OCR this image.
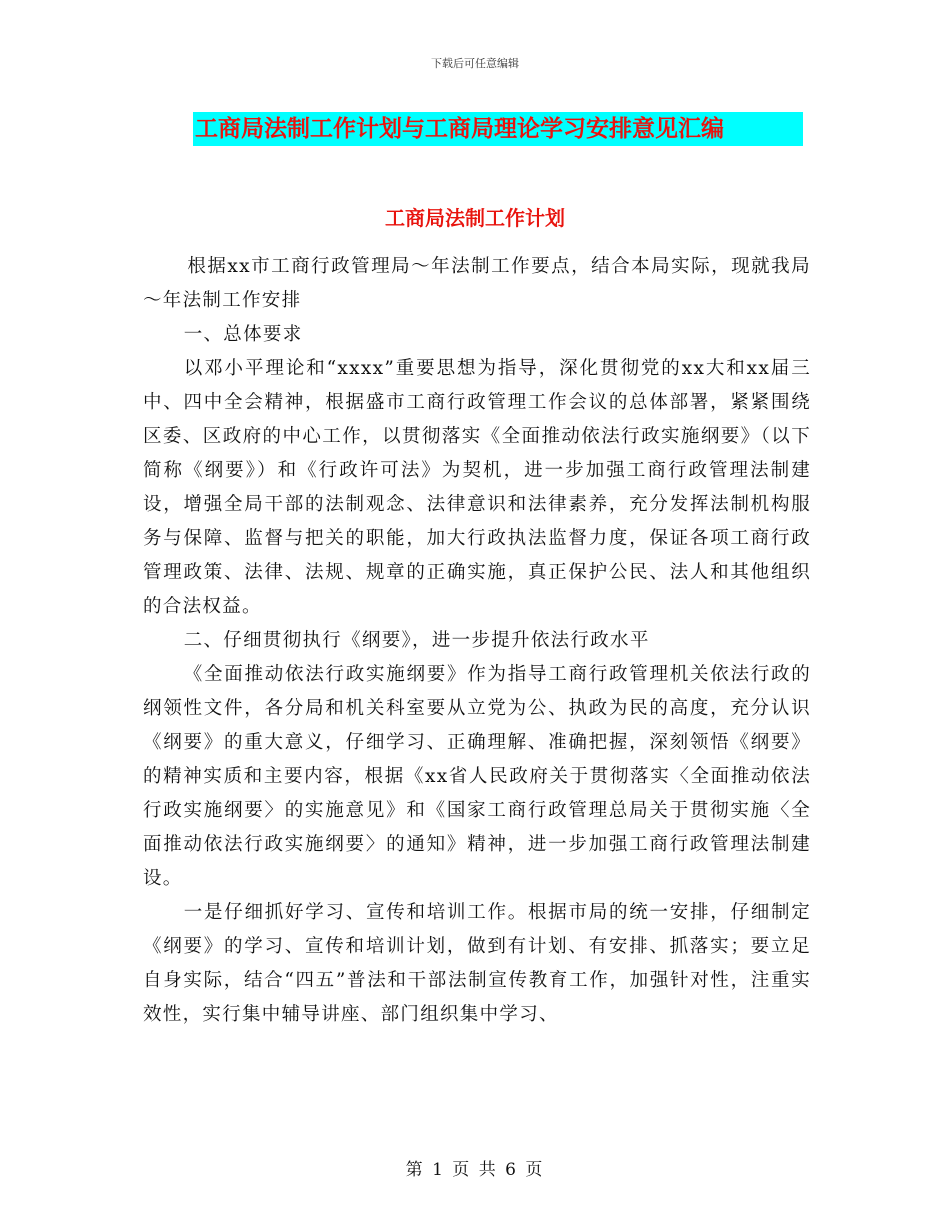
下载后可任意编辑
工商局法制工作计划与工商局理论学习安排意见汇编
工商局法制工作计划

根据xx市工商行政管理局～年法制工作要点，结合本局实际，现就我局～年法制工作安排

一、总体要求

以邓小平理论和“xxxx”重要思想为指导，深化贯彻党的xx大和xx届三中、四中全会精神，根据盛市工商行政管理工作会议的总体部署，紧紧围绕区委、区政府的中心工作，以贯彻落实《全面推动依法行政实施纲要》（以下简称《纲要》）和《行政许可法》为契机，进一步加强工商行政管理法制建设，增强全局干部的法制观念、法律意识和法律素养，充分发挥法制机构服务与保障、监督与把关的职能，加大行政执法监督力度，保证各项工商行政管理政策、法律、法规、规章的正确实施，真正保护公民、法人和其他组织的合法权益。

二、仔细贯彻执行《纲要》，进一步提升依法行政水平

《全面推动依法行政实施纲要》作为指导工商行政管理机关依法行政的纲领性文件，各分局和机关科室要从立党为公、执政为民的高度，充分认识《纲要》的重大意义，仔细学习、正确理解、准确把握，深刻领悟《纲要》的精神实质和主要内容，根据《xx省人民政府关于贯彻落实〈全面推动依法行政实施纲要〉的实施意见》和《国家工商行政管理总局关于贯彻实施〈全面推动依法行政实施纲要〉的通知》精神，进一步加强工商行政管理法制建设。

一是仔细抓好学习、宣传和培训工作。根据市局的统一安排，仔细制定《纲要》的学习、宣传和培训计划，做到有计划、有安排、抓落实；要立足自身实际，结合“四五”普法和干部法制宣传教育工作，加强针对性，注重实效性，实行集中辅导讲座、部门组织集中学习、

第 1 页 共 6 页
